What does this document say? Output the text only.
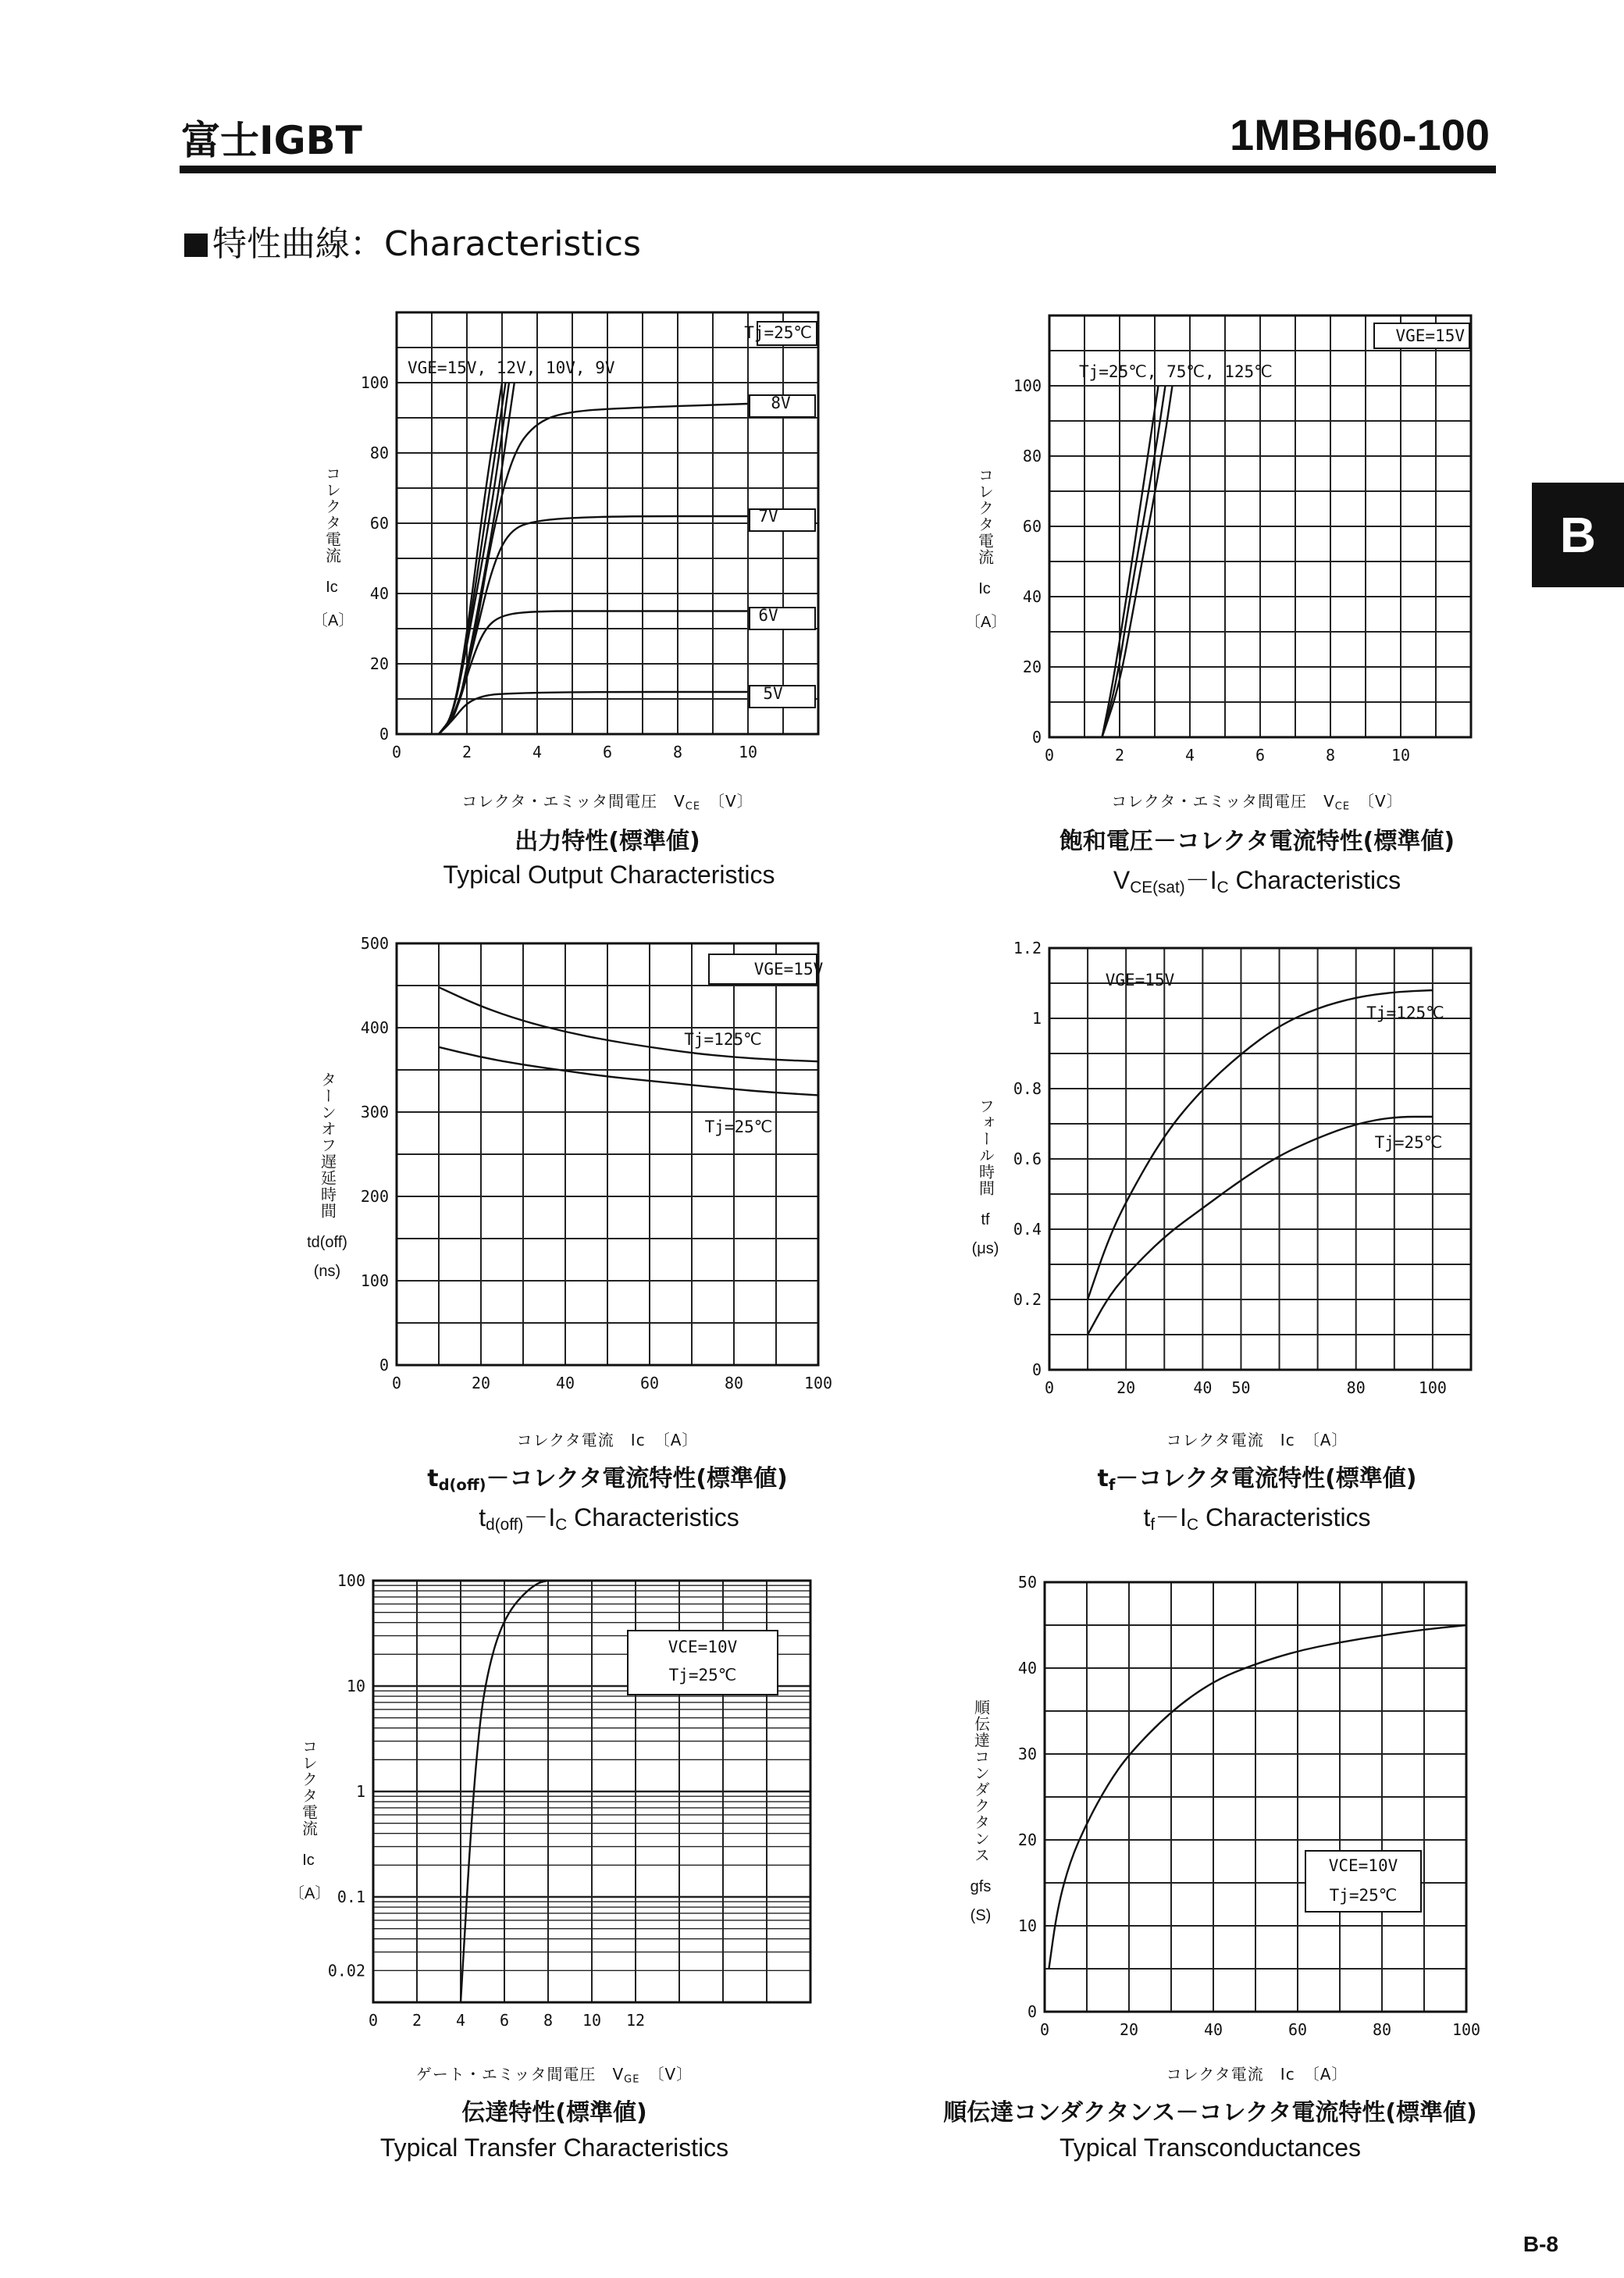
富士IGBT	1MBH60-100
特性曲線：Characteristics
B
0	2	4	6	8	10
0
20
40
60
80
100
Tj=25℃
VGE=15V, 12V, 10V, 9V
8V
7V
6V
5V
コレクタ電流
Ic
〔A〕
コレクタ・エミッタ間電圧　$V_{CE}$　 〔V〕
出力特性(標準値)
Typical Output Characteristics
0	2	4	6	8	10
0
20
40
60
80
100
VGE=15V
Tj=25℃, 75℃, 125℃
コレクタ電流
Ic
〔A〕
コレクタ・エミッタ間電圧　$V_{CE}$　 〔V〕
飽和電圧－コレクタ電流特性(標準値)
$V_{CE(sat)}-I_C$ Characteristics
0	20	40	60	80	100
0
100
200
300
400
500
VGE=15V
Tj=125℃
Tj=25℃
ターンオフ遅延時間
td(off)
(ns)
コレクタ電流　Ic　〔A〕
$t_{d(off)}-$コレクタ電流特性(標準値)
$t_{d(off)}-I_C$ Characteristics
0	20	40 50	80	100
0
0.2
0.4
0.6
0.8
1
1.2
VGE=15V
Tj=125℃
Tj=25℃
フォール時間
tf
(μs)
コレクタ電流　Ic　〔A〕
$t_f-$コレクタ電流特性(標準値)
$t_f-I_C$ Characteristics
0 2 4 6 8 10 12
0.02
0.1
1
10
100
VCE=10V
Tj=25℃
コレクタ電流
Ic
〔A〕
ゲート・エミッタ間電圧　$V_{GE}$　 〔V〕
伝達特性(標準値)
Typical Transfer Characteristics
0	20	40	60	80	100
0
10
20
30
40
50
VCE=10V
Tj=25℃
順伝達コンダクタンス
gfs
(S)
コレクタ電流　Ic　〔A〕
順伝達コンダクタンス－コレクタ電流特性(標準値)
Typical Transconductances
B-8
